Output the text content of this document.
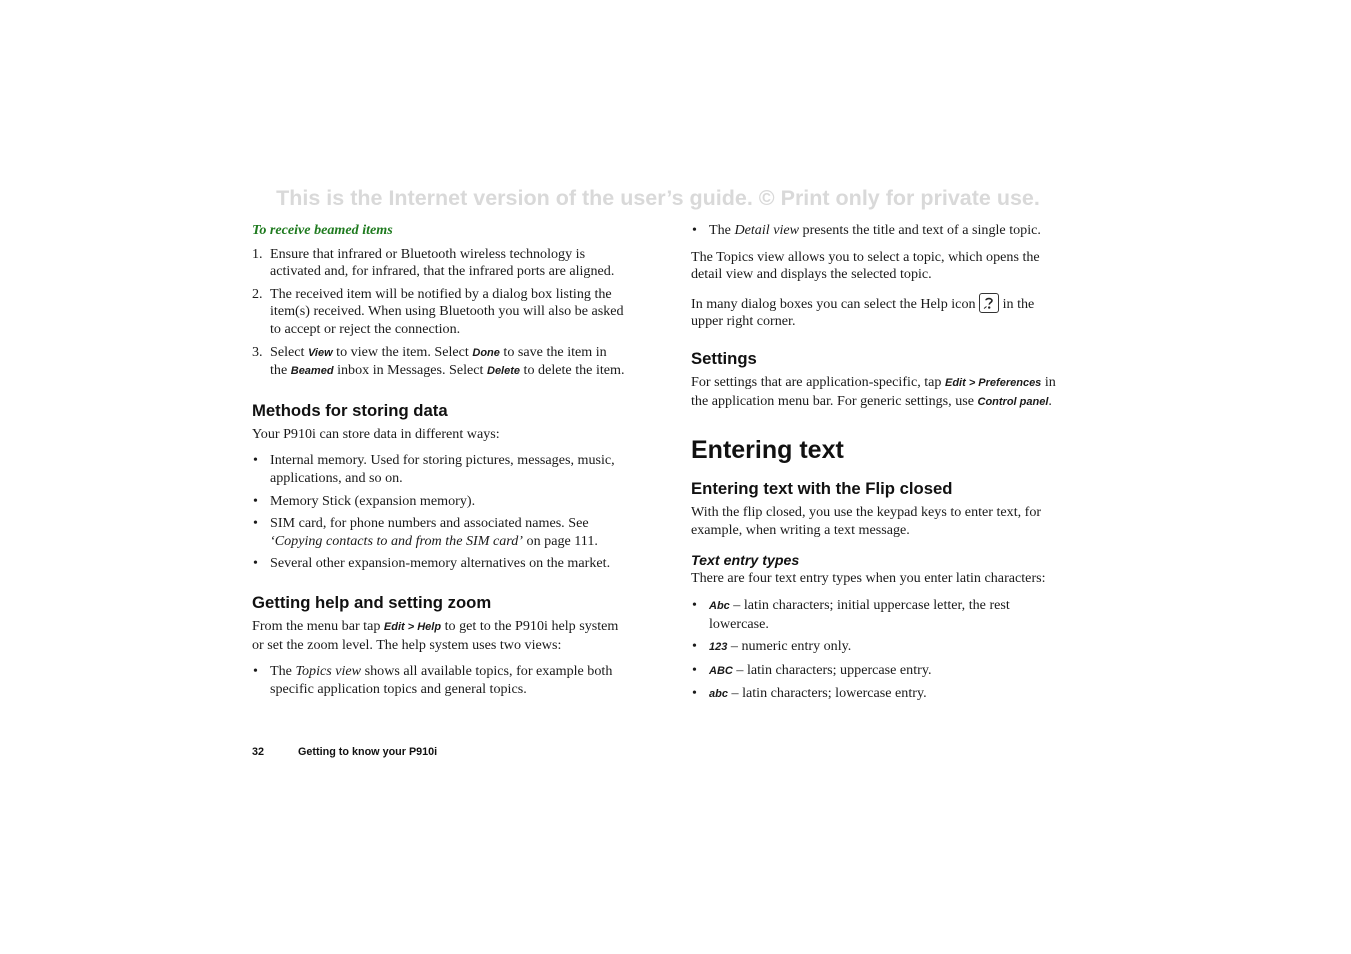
This is the Internet version of the user’s guide. © Print only for private use.

To receive beamed items

1. Ensure that infrared or Bluetooth wireless technology is activated and, for infrared, that the infrared ports are aligned.
2. The received item will be notified by a dialog box listing the item(s) received. When using Bluetooth you will also be asked to accept or reject the connection.
3. Select View to view the item. Select Done to save the item in the Beamed inbox in Messages. Select Delete to delete the item.
Methods for storing data

Your P910i can store data in different ways:

• Internal memory. Used for storing pictures, messages, music, applications, and so on.
• Memory Stick (expansion memory).
• SIM card, for phone numbers and associated names. See ‘Copying contacts to and from the SIM card’ on page 111.
• Several other expansion-memory alternatives on the market.
Getting help and setting zoom

From the menu bar tap Edit > Help to get to the P910i help system or set the zoom level. The help system uses two views:

• The Topics view shows all available topics, for example both specific application topics and general topics.
• The Detail view presents the title and text of a single topic.

The Topics view allows you to select a topic, which opens the detail view and displays the selected topic.

In many dialog boxes you can select the Help icon
in the upper right corner.

Settings

For settings that are application-specific, tap Edit > Preferences in the application menu bar. For generic settings, use Control panel.

Entering text
Entering text with the Flip closed

With the flip closed, you use the keypad keys to enter text, for example, when writing a text message.

Text entry types

There are four text entry types when you enter latin characters:

• Abc – latin characters; initial uppercase letter, the rest lowercase.
• 123 – numeric entry only.
• ABC – latin characters; uppercase entry.
• abc – latin characters; lowercase entry.
32	Getting to know your P910i
